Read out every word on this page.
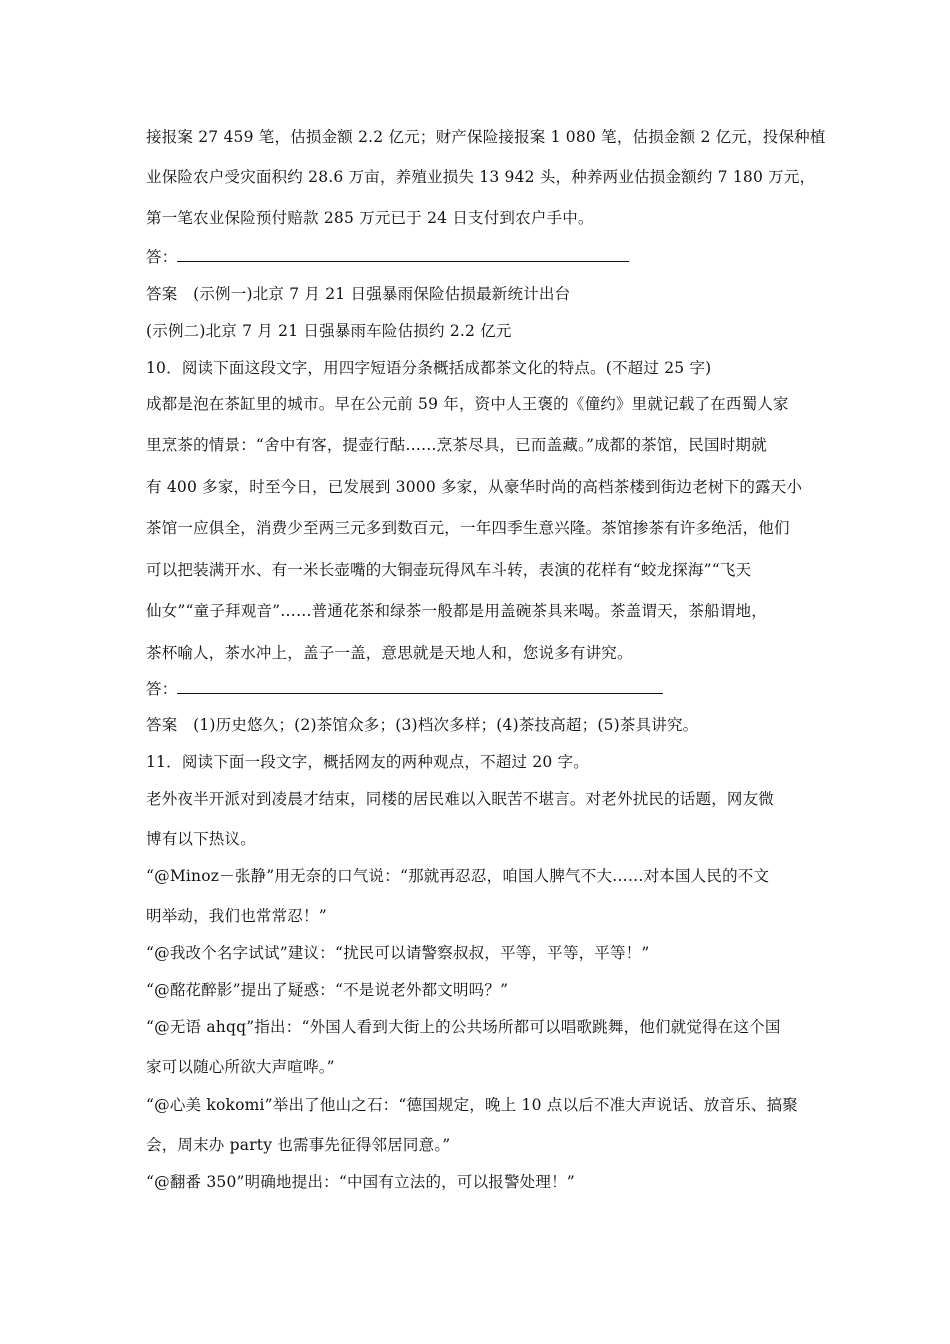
接报案 27 459 笔，估损金额 2.2 亿元；财产保险接报案 1 080 笔，估损金额 2 亿元，投保种植
业保险农户受灾面积约 28.6 万亩，养殖业损失 13 942 头，种养两业估损金额约 7 180 万元，
第一笔农业保险预付赔款 285 万元已于 24 日支付到农户手中。
答：
答案　(示例一)北京 7 月 21 日强暴雨保险估损最新统计出台
(示例二)北京 7 月 21 日强暴雨车险估损约 2.2 亿元
10．阅读下面这段文字，用四字短语分条概括成都茶文化的特点。(不超过 25 字)
成都是泡在茶缸里的城市。早在公元前 59 年，资中人王褒的《僮约》里就记载了在西蜀人家
里烹茶的情景：“舍中有客，提壶行酤……烹茶尽具，已而盖藏。”成都的茶馆，民国时期就
有 400 多家，时至今日，已发展到 3000 多家，从豪华时尚的高档茶楼到街边老树下的露天小
茶馆一应俱全，消费少至两三元多到数百元，一年四季生意兴隆。茶馆掺茶有许多绝活，他们
可以把装满开水、有一米长壶嘴的大铜壶玩得风车斗转，表演的花样有“蛟龙探海”“飞天
仙女”“童子拜观音”……普通花茶和绿茶一般都是用盖碗茶具来喝。茶盖谓天，茶船谓地，
茶杯喻人，茶水冲上，盖子一盖，意思就是天地人和，您说多有讲究。
答：
答案　(1)历史悠久；(2)茶馆众多；(3)档次多样；(4)茶技高超；(5)茶具讲究。
11．阅读下面一段文字，概括网友的两种观点，不超过 20 字。
老外夜半开派对到凌晨才结束，同楼的居民难以入眠苦不堪言。对老外扰民的话题，网友微
博有以下热议。
“@Minoz－张静”用无奈的口气说：“那就再忍忍，咱国人脾气不大……对本国人民的不文
明举动，我们也常常忍！”
“@我改个名字试试”建议：“扰民可以请警察叔叔，平等，平等，平等！”
“@酩花醉影”提出了疑惑：“不是说老外都文明吗？”
“@无语 ahqq”指出：“外国人看到大街上的公共场所都可以唱歌跳舞，他们就觉得在这个国
家可以随心所欲大声喧哗。”
“@心美 kokomi”举出了他山之石：“德国规定，晚上 10 点以后不准大声说话、放音乐、搞聚
会，周末办 party 也需事先征得邻居同意。”
“@翻番 350”明确地提出：“中国有立法的，可以报警处理！”
